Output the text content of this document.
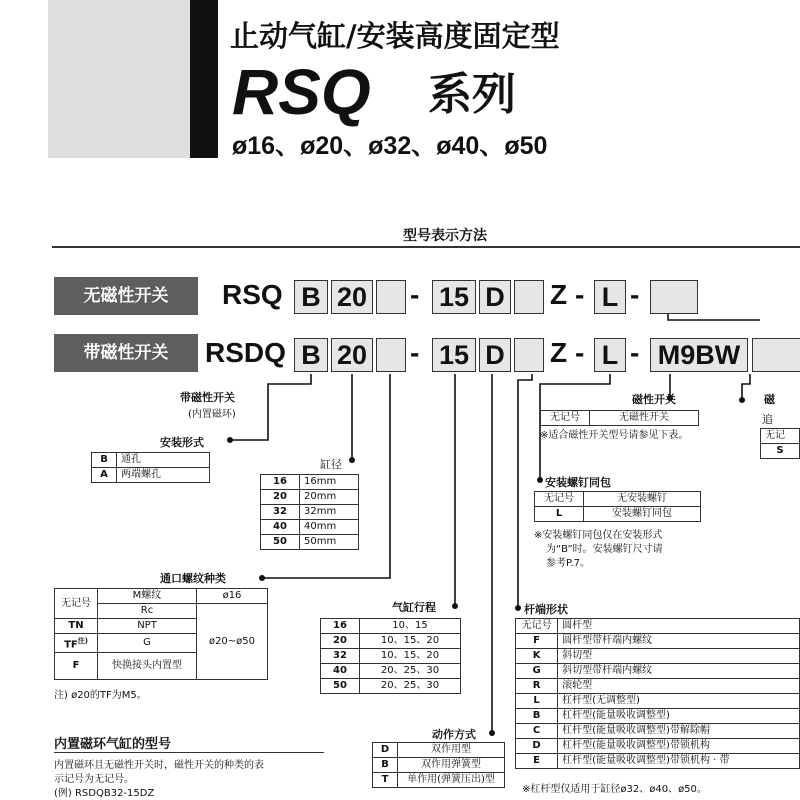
止动气缸/安装高度固定型
RSQ 系列
ø16、ø20、ø32、ø40、ø50
型号表示方法
无磁性开关	RSQ B 20 - 15 D Z - L -
带磁性开关	RSDQ B 20 - 15 D Z - L - M9BW
带磁性开关
(内置磁环)
安装形式
B	通孔
A	两端螺孔
缸径
16	16mm
20	20mm
32	32mm
40	40mm
50	50mm
通口螺纹种类
无记号	M螺纹	ø16
	Rc	ø20~ø50
TN	NPT	
$TF^{注)}$	G	
F	快换接头内置型	
注) ø20的TF为M5。
气缸行程
16	10、15
20	10、15、20
32	10、15、20
40	20、25、30
50	20、25、30
动作方式
D	双作用型
B	双作用弹簧型
T	单作用(弹簧压出)型
磁性开关
无记号	无磁性开关
※适合磁性开关型号请参见下表。
安装螺钉同包
无记号	无安装螺钉
L	安装螺钉同包
※安装螺钉同包仅在安装形式
为“B”时。安装螺钉尺寸请
参考P.7。
杆端形状
无记号	圆杆型
F	圆杆型带杆端内螺纹
K	斜切型
G	斜切型带杆端内螺纹
R	滚轮型
L	杠杆型(无调整型)
B	杠杆型(能量吸收调整型)
C	杠杆型(能量吸收调整型)带解除帽
D	杠杆型(能量吸收调整型)带锁机构
E	杠杆型(能量吸收调整型)带锁机构 · 带
※杠杆型仅适用于缸径ø32、ø40、ø50。
磁
追
无记
S
内置磁环气缸的型号
内置磁环且无磁性开关时，磁性开关的种类的表
示记号为无记号。
(例) RSDQB32-15DZ
